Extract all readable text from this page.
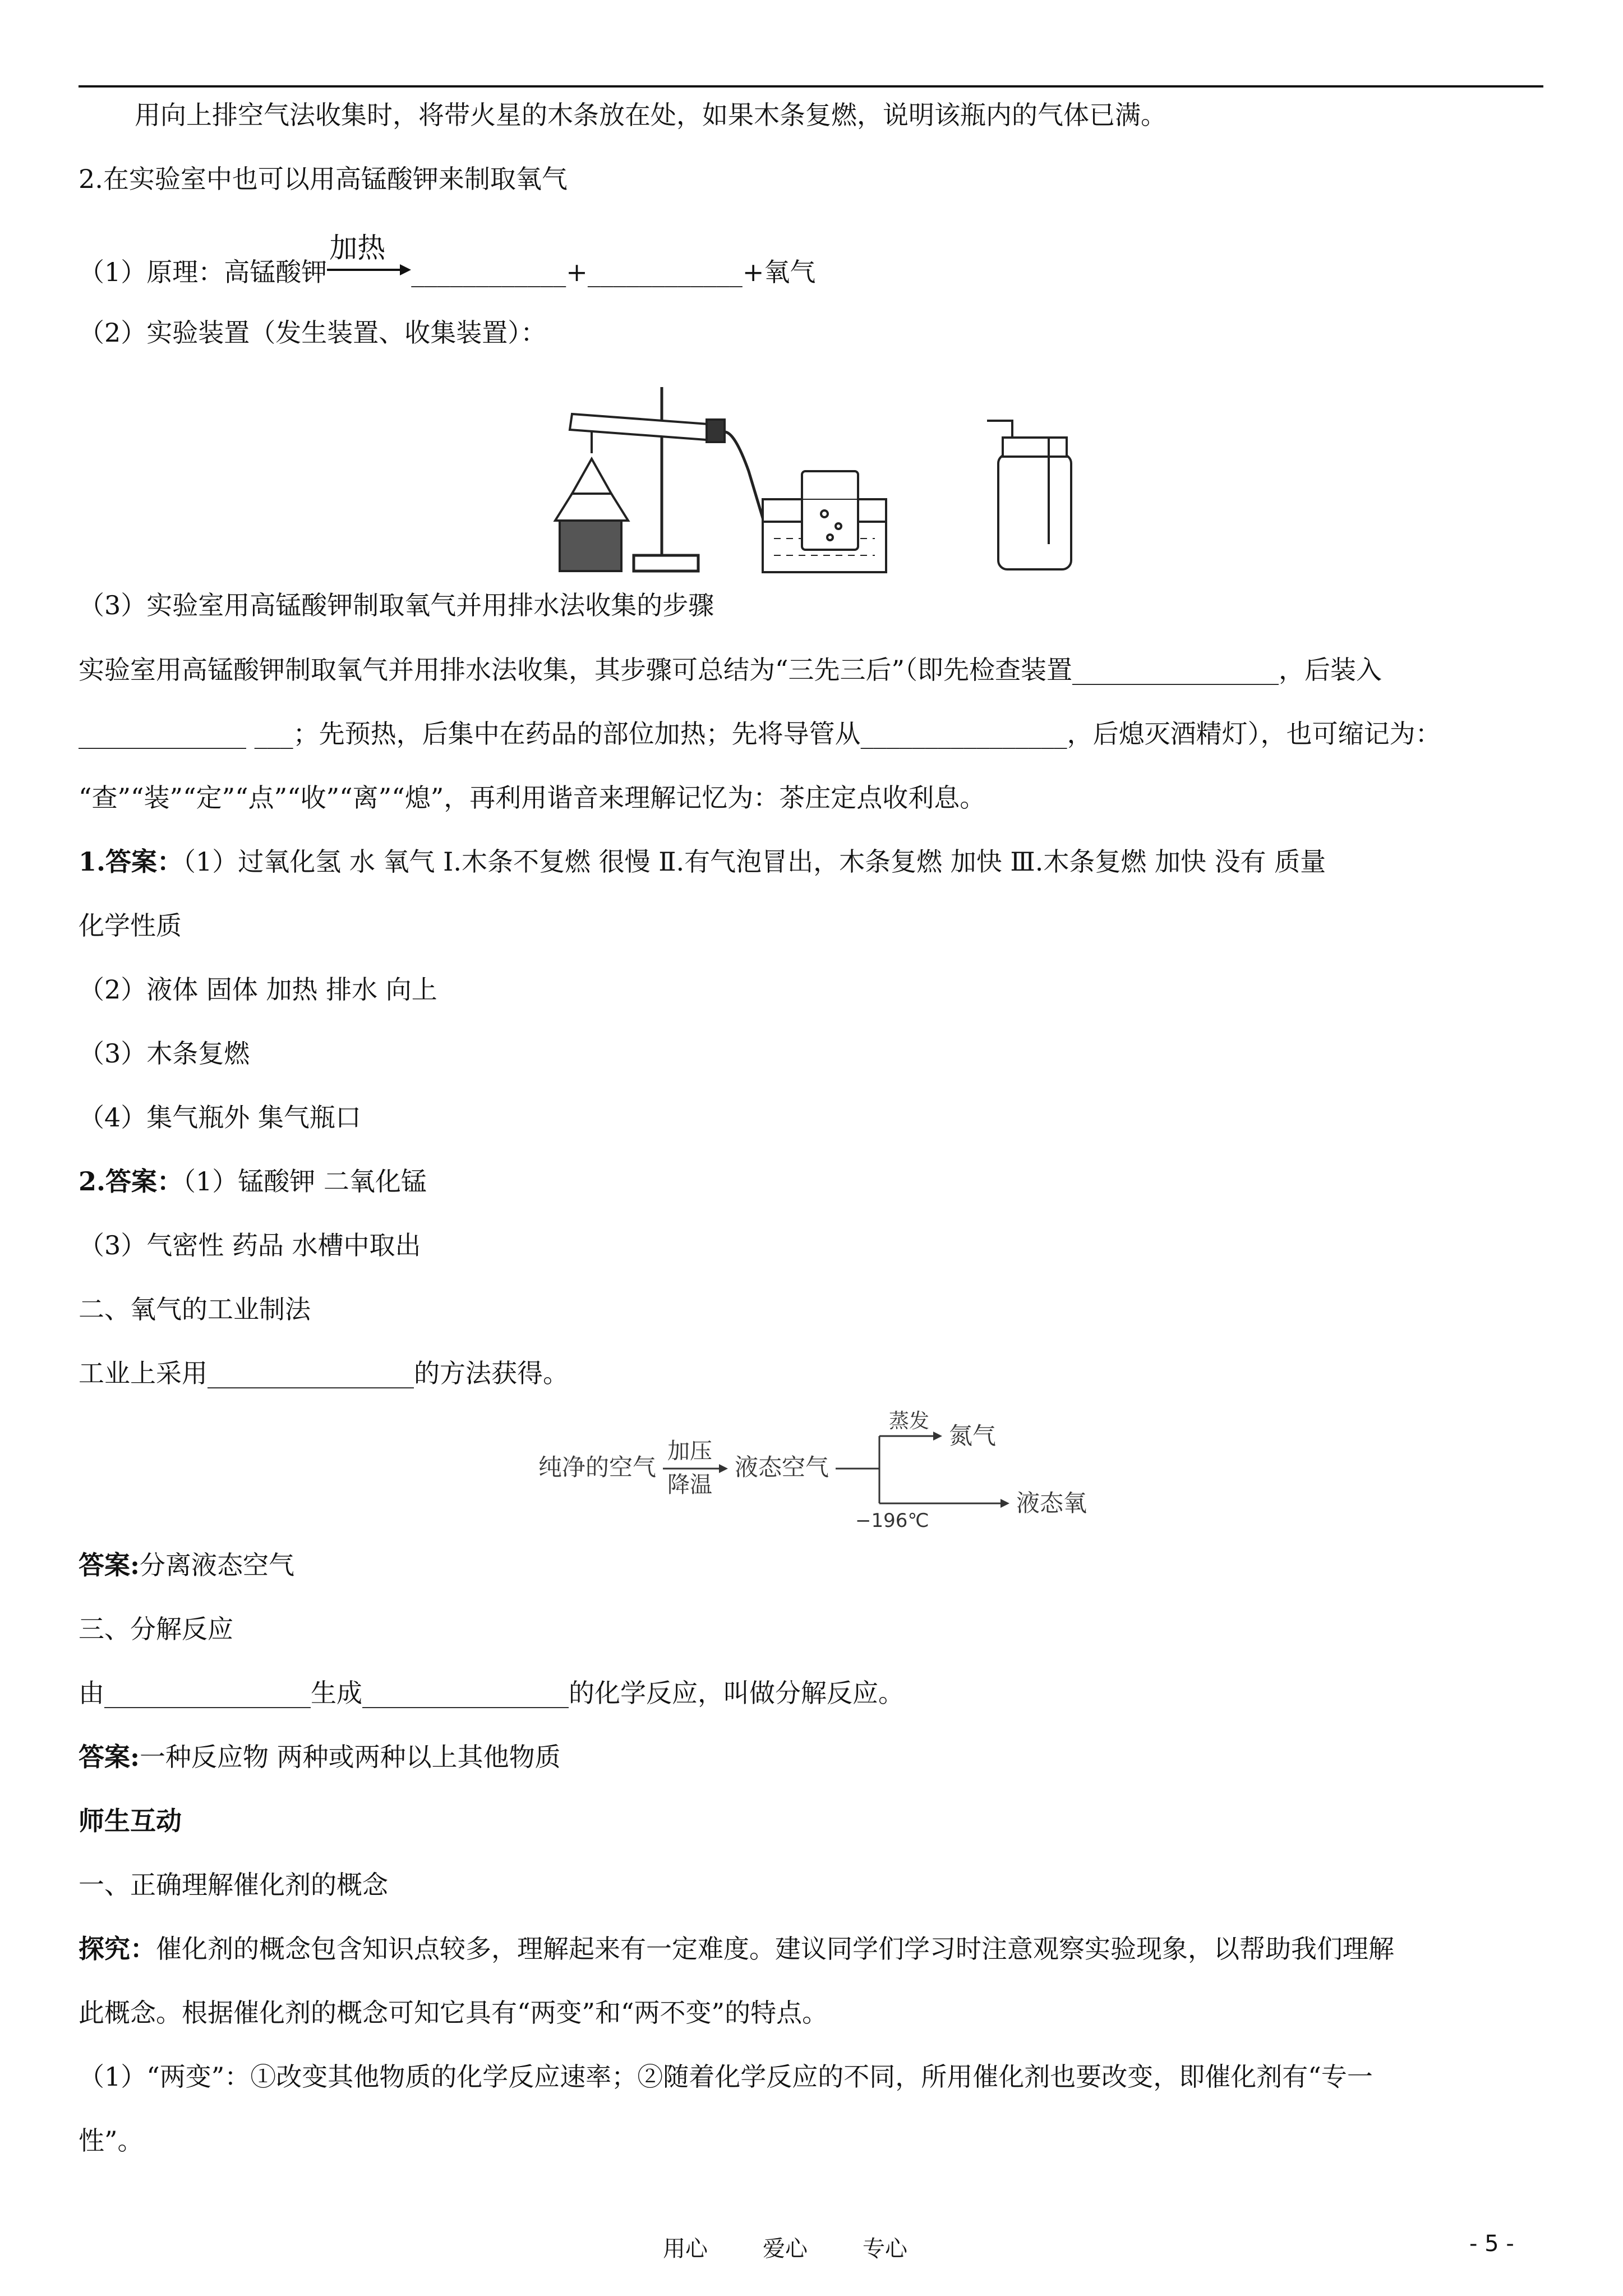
用向上排空气法收集时，将带火星的木条放在处，如果木条复燃，说明该瓶内的气体已满。
2.在实验室中也可以用高锰酸钾来制取氧气
（1）原理：高锰酸钾
加热
____________+____________+氧气
（2）实验装置（发生装置、收集装置）：
（3）实验室用高锰酸钾制取氧气并用排水法收集的步骤
实验室用高锰酸钾制取氧气并用排水法收集，其步骤可总结为“三先三后”（即先检查装置________________，后装入
_____________ ___；先预热，后集中在药品的部位加热；先将导管从________________，后熄灭酒精灯），也可缩记为：
“查”“装”“定”“点”“收”“离”“熄”，再利用谐音来理解记忆为：茶庄定点收利息。
1.答案：（1）过氧化氢 水 氧气 Ⅰ.木条不复燃 很慢 Ⅱ.有气泡冒出，木条复燃 加快 Ⅲ.木条复燃 加快 没有 质量
化学性质
（2）液体 固体 加热 排水 向上
（3）木条复燃
（4）集气瓶外 集气瓶口
2.答案：（1）锰酸钾 二氧化锰
（3）气密性 药品 水槽中取出
二、氧气的工业制法
工业上采用________________的方法获得。
纯净的空气
加压
降温
液态空气
蒸发
氮气
−196℃
液态氧
答案:分离液态空气
三、分解反应
由________________生成________________的化学反应，叫做分解反应。
答案:一种反应物 两种或两种以上其他物质
师生互动
一、正确理解催化剂的概念
探究：催化剂的概念包含知识点较多，理解起来有一定难度。建议同学们学习时注意观察实验现象，以帮助我们理解
此概念。根据催化剂的概念可知它具有“两变”和“两不变”的特点。
（1）“两变”：①改变其他物质的化学反应速率；②随着化学反应的不同，所用催化剂也要改变，即催化剂有“专一
性”。
用心 爱心 专心	- 5 -
